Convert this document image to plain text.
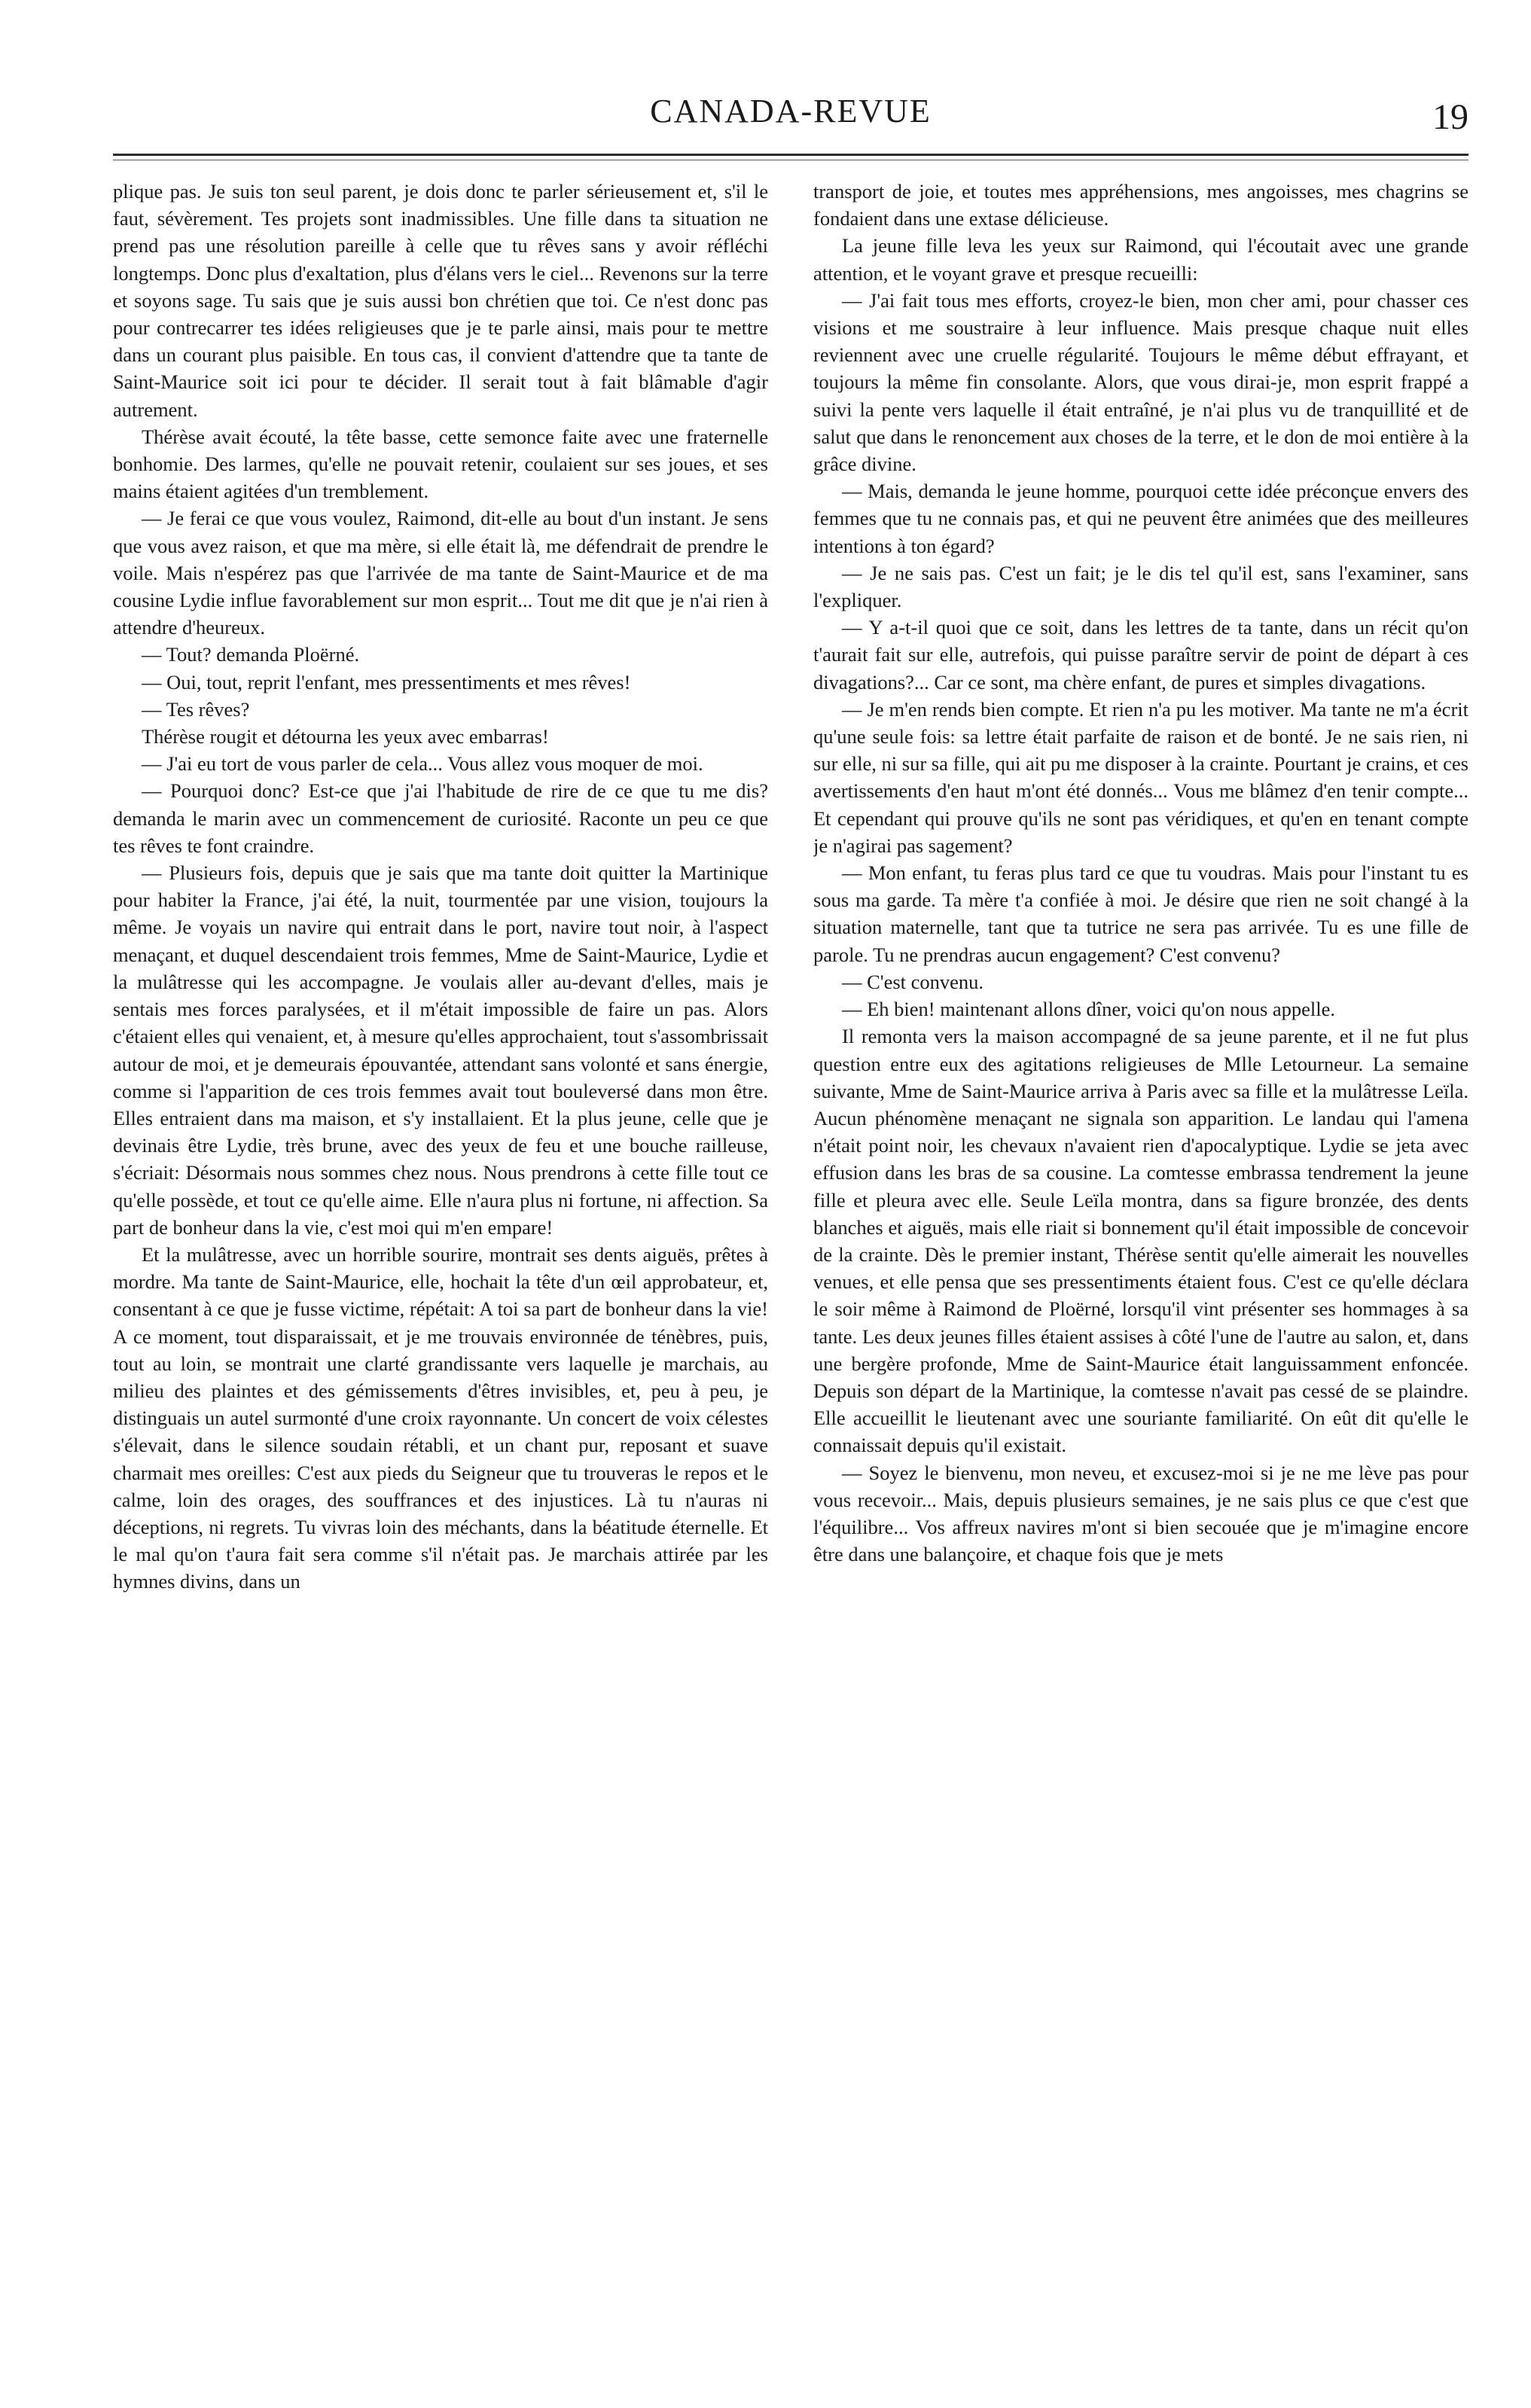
CANADA-REVUE	19

plique pas. Je suis ton seul parent, je dois donc te parler sérieusement et, s'il le faut, sévèrement. Tes projets sont inadmissibles. Une fille dans ta situation ne prend pas une résolution pareille à celle que tu rêves sans y avoir réfléchi longtemps. Donc plus d'exaltation, plus d'élans vers le ciel... Revenons sur la terre et soyons sage. Tu sais que je suis aussi bon chrétien que toi. Ce n'est donc pas pour contrecarrer tes idées religieuses que je te parle ainsi, mais pour te mettre dans un courant plus paisible. En tous cas, il convient d'attendre que ta tante de Saint-Maurice soit ici pour te décider. Il serait tout à fait blâmable d'agir autrement.

Thérèse avait écouté, la tête basse, cette semonce faite avec une fraternelle bonhomie. Des larmes, qu'elle ne pouvait retenir, coulaient sur ses joues, et ses mains étaient agitées d'un tremblement.

— Je ferai ce que vous voulez, Raimond, dit-elle au bout d'un instant. Je sens que vous avez raison, et que ma mère, si elle était là, me défendrait de prendre le voile. Mais n'espérez pas que l'arrivée de ma tante de Saint-Maurice et de ma cousine Lydie influe favorablement sur mon esprit... Tout me dit que je n'ai rien à attendre d'heureux.

— Tout? demanda Ploërné.

— Oui, tout, reprit l'enfant, mes pressentiments et mes rêves!

— Tes rêves?

Thérèse rougit et détourna les yeux avec embarras!

— J'ai eu tort de vous parler de cela... Vous allez vous moquer de moi.

— Pourquoi donc? Est-ce que j'ai l'habitude de rire de ce que tu me dis? demanda le marin avec un commencement de curiosité. Raconte un peu ce que tes rêves te font craindre.

— Plusieurs fois, depuis que je sais que ma tante doit quitter la Martinique pour habiter la France, j'ai été, la nuit, tourmentée par une vision, toujours la même. Je voyais un navire qui entrait dans le port, navire tout noir, à l'aspect menaçant, et duquel descendaient trois femmes, Mme de Saint-Maurice, Lydie et la mulâtresse qui les accompagne. Je voulais aller au-devant d'elles, mais je sentais mes forces paralysées, et il m'était impossible de faire un pas. Alors c'étaient elles qui venaient, et, à mesure qu'elles approchaient, tout s'assombrissait autour de moi, et je demeurais épouvantée, attendant sans volonté et sans énergie, comme si l'apparition de ces trois femmes avait tout bouleversé dans mon être. Elles entraient dans ma maison, et s'y installaient. Et la plus jeune, celle que je devinais être Lydie, très brune, avec des yeux de feu et une bouche railleuse, s'écriait: Désormais nous sommes chez nous. Nous prendrons à cette fille tout ce qu'elle possède, et tout ce qu'elle aime. Elle n'aura plus ni fortune, ni affection. Sa part de bonheur dans la vie, c'est moi qui m'en empare!

Et la mulâtresse, avec un horrible sourire, montrait ses dents aiguës, prêtes à mordre. Ma tante de Saint-Maurice, elle, hochait la tête d'un œil approbateur, et, consentant à ce que je fusse victime, répétait: A toi sa part de bonheur dans la vie! A ce moment, tout disparaissait, et je me trouvais environnée de ténèbres, puis, tout au loin, se montrait une clarté grandissante vers laquelle je marchais, au milieu des plaintes et des gémissements d'êtres invisibles, et, peu à peu, je distinguais un autel surmonté d'une croix rayonnante. Un concert de voix célestes s'élevait, dans le silence soudain rétabli, et un chant pur, reposant et suave charmait mes oreilles: C'est aux pieds du Seigneur que tu trouveras le repos et le calme, loin des orages, des souffrances et des injustices. Là tu n'auras ni déceptions, ni regrets. Tu vivras loin des méchants, dans la béatitude éternelle. Et le mal qu'on t'aura fait sera comme s'il n'était pas. Je marchais attirée par les hymnes divins, dans un

transport de joie, et toutes mes appréhensions, mes angoisses, mes chagrins se fondaient dans une extase délicieuse.

La jeune fille leva les yeux sur Raimond, qui l'écoutait avec une grande attention, et le voyant grave et presque recueilli:

— J'ai fait tous mes efforts, croyez-le bien, mon cher ami, pour chasser ces visions et me soustraire à leur influence. Mais presque chaque nuit elles reviennent avec une cruelle régularité. Toujours le même début effrayant, et toujours la même fin consolante. Alors, que vous dirai-je, mon esprit frappé a suivi la pente vers laquelle il était entraîné, je n'ai plus vu de tranquillité et de salut que dans le renoncement aux choses de la terre, et le don de moi entière à la grâce divine.

— Mais, demanda le jeune homme, pourquoi cette idée préconçue envers des femmes que tu ne connais pas, et qui ne peuvent être animées que des meilleures intentions à ton égard?

— Je ne sais pas. C'est un fait; je le dis tel qu'il est, sans l'examiner, sans l'expliquer.

— Y a-t-il quoi que ce soit, dans les lettres de ta tante, dans un récit qu'on t'aurait fait sur elle, autrefois, qui puisse paraître servir de point de départ à ces divagations?... Car ce sont, ma chère enfant, de pures et simples divagations.

— Je m'en rends bien compte. Et rien n'a pu les motiver. Ma tante ne m'a écrit qu'une seule fois: sa lettre était parfaite de raison et de bonté. Je ne sais rien, ni sur elle, ni sur sa fille, qui ait pu me disposer à la crainte. Pourtant je crains, et ces avertissements d'en haut m'ont été donnés... Vous me blâmez d'en tenir compte... Et cependant qui prouve qu'ils ne sont pas véridiques, et qu'en en tenant compte je n'agirai pas sagement?

— Mon enfant, tu feras plus tard ce que tu voudras. Mais pour l'instant tu es sous ma garde. Ta mère t'a confiée à moi. Je désire que rien ne soit changé à la situation maternelle, tant que ta tutrice ne sera pas arrivée. Tu es une fille de parole. Tu ne prendras aucun engagement? C'est convenu?

— C'est convenu.

— Eh bien! maintenant allons dîner, voici qu'on nous appelle.

Il remonta vers la maison accompagné de sa jeune parente, et il ne fut plus question entre eux des agitations religieuses de Mlle Letourneur. La semaine suivante, Mme de Saint-Maurice arriva à Paris avec sa fille et la mulâtresse Leïla. Aucun phénomène menaçant ne signala son apparition. Le landau qui l'amena n'était point noir, les chevaux n'avaient rien d'apocalyptique. Lydie se jeta avec effusion dans les bras de sa cousine. La comtesse embrassa tendrement la jeune fille et pleura avec elle. Seule Leïla montra, dans sa figure bronzée, des dents blanches et aiguës, mais elle riait si bonnement qu'il était impossible de concevoir de la crainte. Dès le premier instant, Thérèse sentit qu'elle aimerait les nouvelles venues, et elle pensa que ses pressentiments étaient fous. C'est ce qu'elle déclara le soir même à Raimond de Ploërné, lorsqu'il vint présenter ses hommages à sa tante. Les deux jeunes filles étaient assises à côté l'une de l'autre au salon, et, dans une bergère profonde, Mme de Saint-Maurice était languissamment enfoncée. Depuis son départ de la Martinique, la comtesse n'avait pas cessé de se plaindre. Elle accueillit le lieutenant avec une souriante familiarité. On eût dit qu'elle le connaissait depuis qu'il existait.

— Soyez le bienvenu, mon neveu, et excusez-moi si je ne me lève pas pour vous recevoir... Mais, depuis plusieurs semaines, je ne sais plus ce que c'est que l'équilibre... Vos affreux navires m'ont si bien secouée que je m'imagine encore être dans une balançoire, et chaque fois que je mets
